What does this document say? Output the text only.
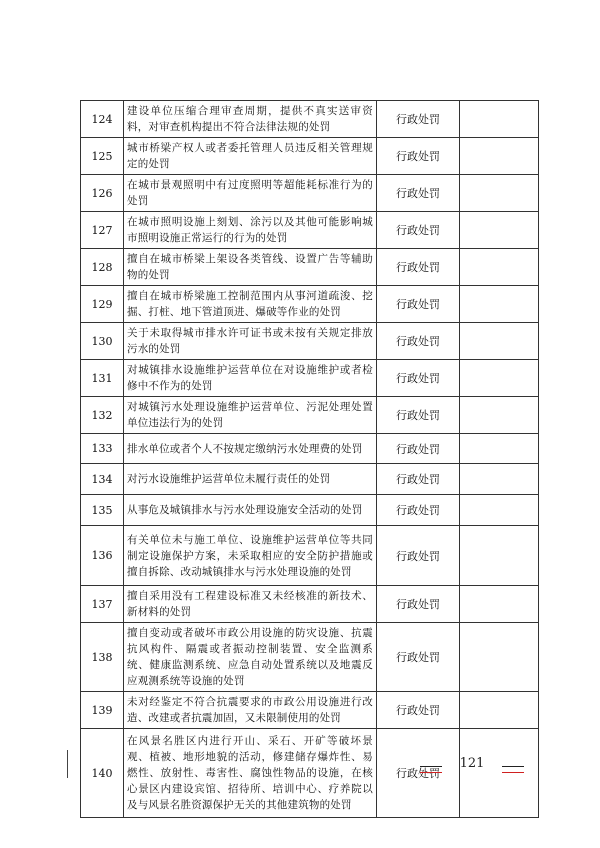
124	建设单位压缩合理审查周期，提供不真实送审资料，对审查机构提出不符合法律法规的处罚	行政处罚	
125	城市桥梁产权人或者委托管理人员违反相关管理规定的处罚	行政处罚	
126	在城市景观照明中有过度照明等超能耗标准行为的处罚	行政处罚	
127	在城市照明设施上刻划、涂污以及其他可能影响城市照明设施正常运行的行为的处罚	行政处罚	
128	擅自在城市桥梁上架设各类管线、设置广告等辅助物的处罚	行政处罚	
129	擅自在城市桥梁施工控制范围内从事河道疏浚、挖掘、打桩、地下管道顶进、爆破等作业的处罚	行政处罚	
130	关于未取得城市排水许可证书或未按有关规定排放污水的处罚	行政处罚	
131	对城镇排水设施维护运营单位在对设施维护或者检修中不作为的处罚	行政处罚	
132	对城镇污水处理设施维护运营单位、污泥处理处置单位违法行为的处罚	行政处罚	
133	排水单位或者个人不按规定缴纳污水处理费的处罚	行政处罚	
134	对污水设施维护运营单位未履行责任的处罚	行政处罚	
135	从事危及城镇排水与污水处理设施安全活动的处罚	行政处罚	
136	有关单位未与施工单位、设施维护运营单位等共同制定设施保护方案，未采取相应的安全防护措施或擅自拆除、改动城镇排水与污水处理设施的处罚	行政处罚	
137	擅自采用没有工程建设标准又未经核准的新技术、新材料的处罚	行政处罚	
138	擅自变动或者破坏市政公用设施的防灾设施、抗震抗风构件、隔震或者振动控制装置、安全监测系统、健康监测系统、应急自动处置系统以及地震反应观测系统等设施的处罚	行政处罚	
139	未对经鉴定不符合抗震要求的市政公用设施进行改造、改建或者抗震加固，又未限制使用的处罚	行政处罚	
140	在风景名胜区内进行开山、采石、开矿等破坏景观、植被、地形地貌的活动，修建储存爆炸性、易燃性、放射性、毒害性、腐蚀性物品的设施，在核心景区内建设宾馆、招待所、培训中心、疗养院以及与风景名胜资源保护无关的其他建筑物的处罚	行政处罚	
121
